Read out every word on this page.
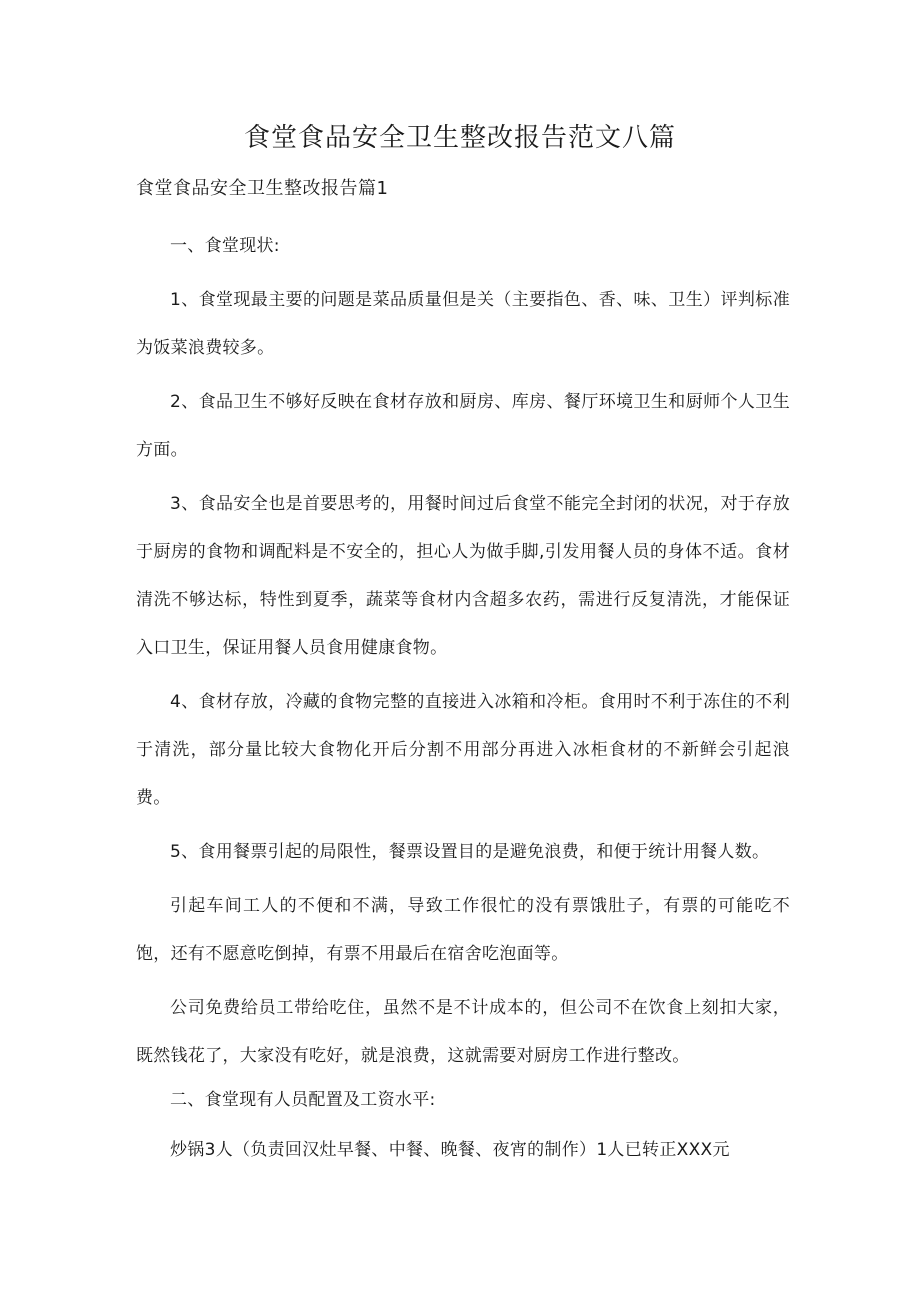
食堂食品安全卫生整改报告范文八篇
食堂食品安全卫生整改报告篇1

一、食堂现状:

1、食堂现最主要的问题是菜品质量但是关（主要指色、香、味、卫生）评判标准为饭菜浪费较多。

2、食品卫生不够好反映在食材存放和厨房、库房、餐厅环境卫生和厨师个人卫生方面。

3、食品安全也是首要思考的，用餐时间过后食堂不能完全封闭的状况，对于存放于厨房的食物和调配料是不安全的，担心人为做手脚,引发用餐人员的身体不适。食材清洗不够达标，特性到夏季，蔬菜等食材内含超多农药，需进行反复清洗，才能保证入口卫生，保证用餐人员食用健康食物。

4、食材存放，冷藏的食物完整的直接进入冰箱和冷柜。食用时不利于冻住的不利于清洗，部分量比较大食物化开后分割不用部分再进入冰柜食材的不新鲜会引起浪费。

5、食用餐票引起的局限性，餐票设置目的是避免浪费，和便于统计用餐人数。

引起车间工人的不便和不满，导致工作很忙的没有票饿肚子，有票的可能吃不饱，还有不愿意吃倒掉，有票不用最后在宿舍吃泡面等。

公司免费给员工带给吃住，虽然不是不计成本的，但公司不在饮食上刻扣大家，既然钱花了，大家没有吃好，就是浪费，这就需要对厨房工作进行整改。

二、食堂现有人员配置及工资水平:

炒锅3人（负责回汉灶早餐、中餐、晚餐、夜宵的制作）1人已转正XXX元
